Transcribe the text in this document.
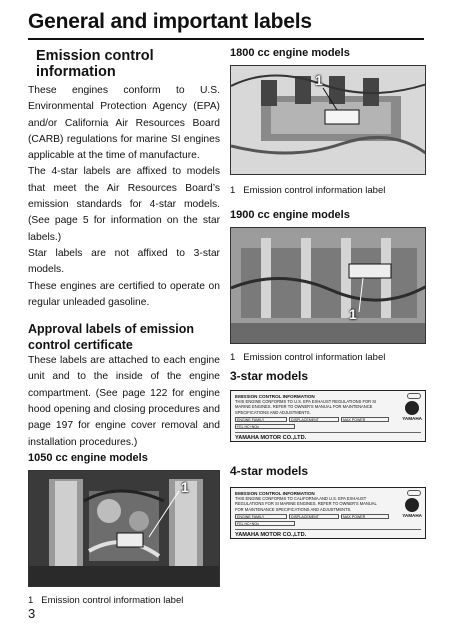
General and important labels
Emission control information

These engines conform to U.S. Environmental Protection Agency (EPA) and/or California Air Resources Board (CARB) regulations for marine SI engines applicable at the time of manufacture.

The 4-star labels are affixed to models that meet the Air Resources Board’s emission standards for 4-star models. (See page 5 for information on the star labels.)

Star labels are not affixed to 3-star models.

These engines are certified to operate on regular unleaded gasoline.

Approval labels of emission control certificate

These labels are attached to each engine unit and to the inside of the engine compartment. (See page 122 for engine hood opening and closing procedures and page 197 for engine cover removal and installation procedures.)

1050 cc engine models
1
1 Emission control information label
1800 cc engine models
1
1 Emission control information label
1900 cc engine models
1
1 Emission control information label
3-star models
EMISSION CONTROL INFORMATION
THIS ENGINE CONFORMS TO U.S. EPA EXHAUST REGULATIONS FOR SI MARINE ENGINES. REFER TO OWNER'S MANUAL FOR MAINTENANCE SPECIFICATIONS AND ADJUSTMENTS.
ENGINE FAMILY	DISPLACEMENT	MAX POWER
FEL HC+NOx
YAMAHA MOTOR CO.,LTD.
YAMAHA
4-star models
EMISSION CONTROL INFORMATION
THIS ENGINE CONFORMS TO CALIFORNIA AND U.S. EPA EXHAUST REGULATIONS FOR SI MARINE ENGINES. REFER TO OWNER'S MANUAL FOR MAINTENANCE SPECIFICATIONS AND ADJUSTMENTS.
ENGINE FAMILY	DISPLACEMENT	MAX POWER
FEL HC+NOx
YAMAHA MOTOR CO.,LTD.
YAMAHA
3
